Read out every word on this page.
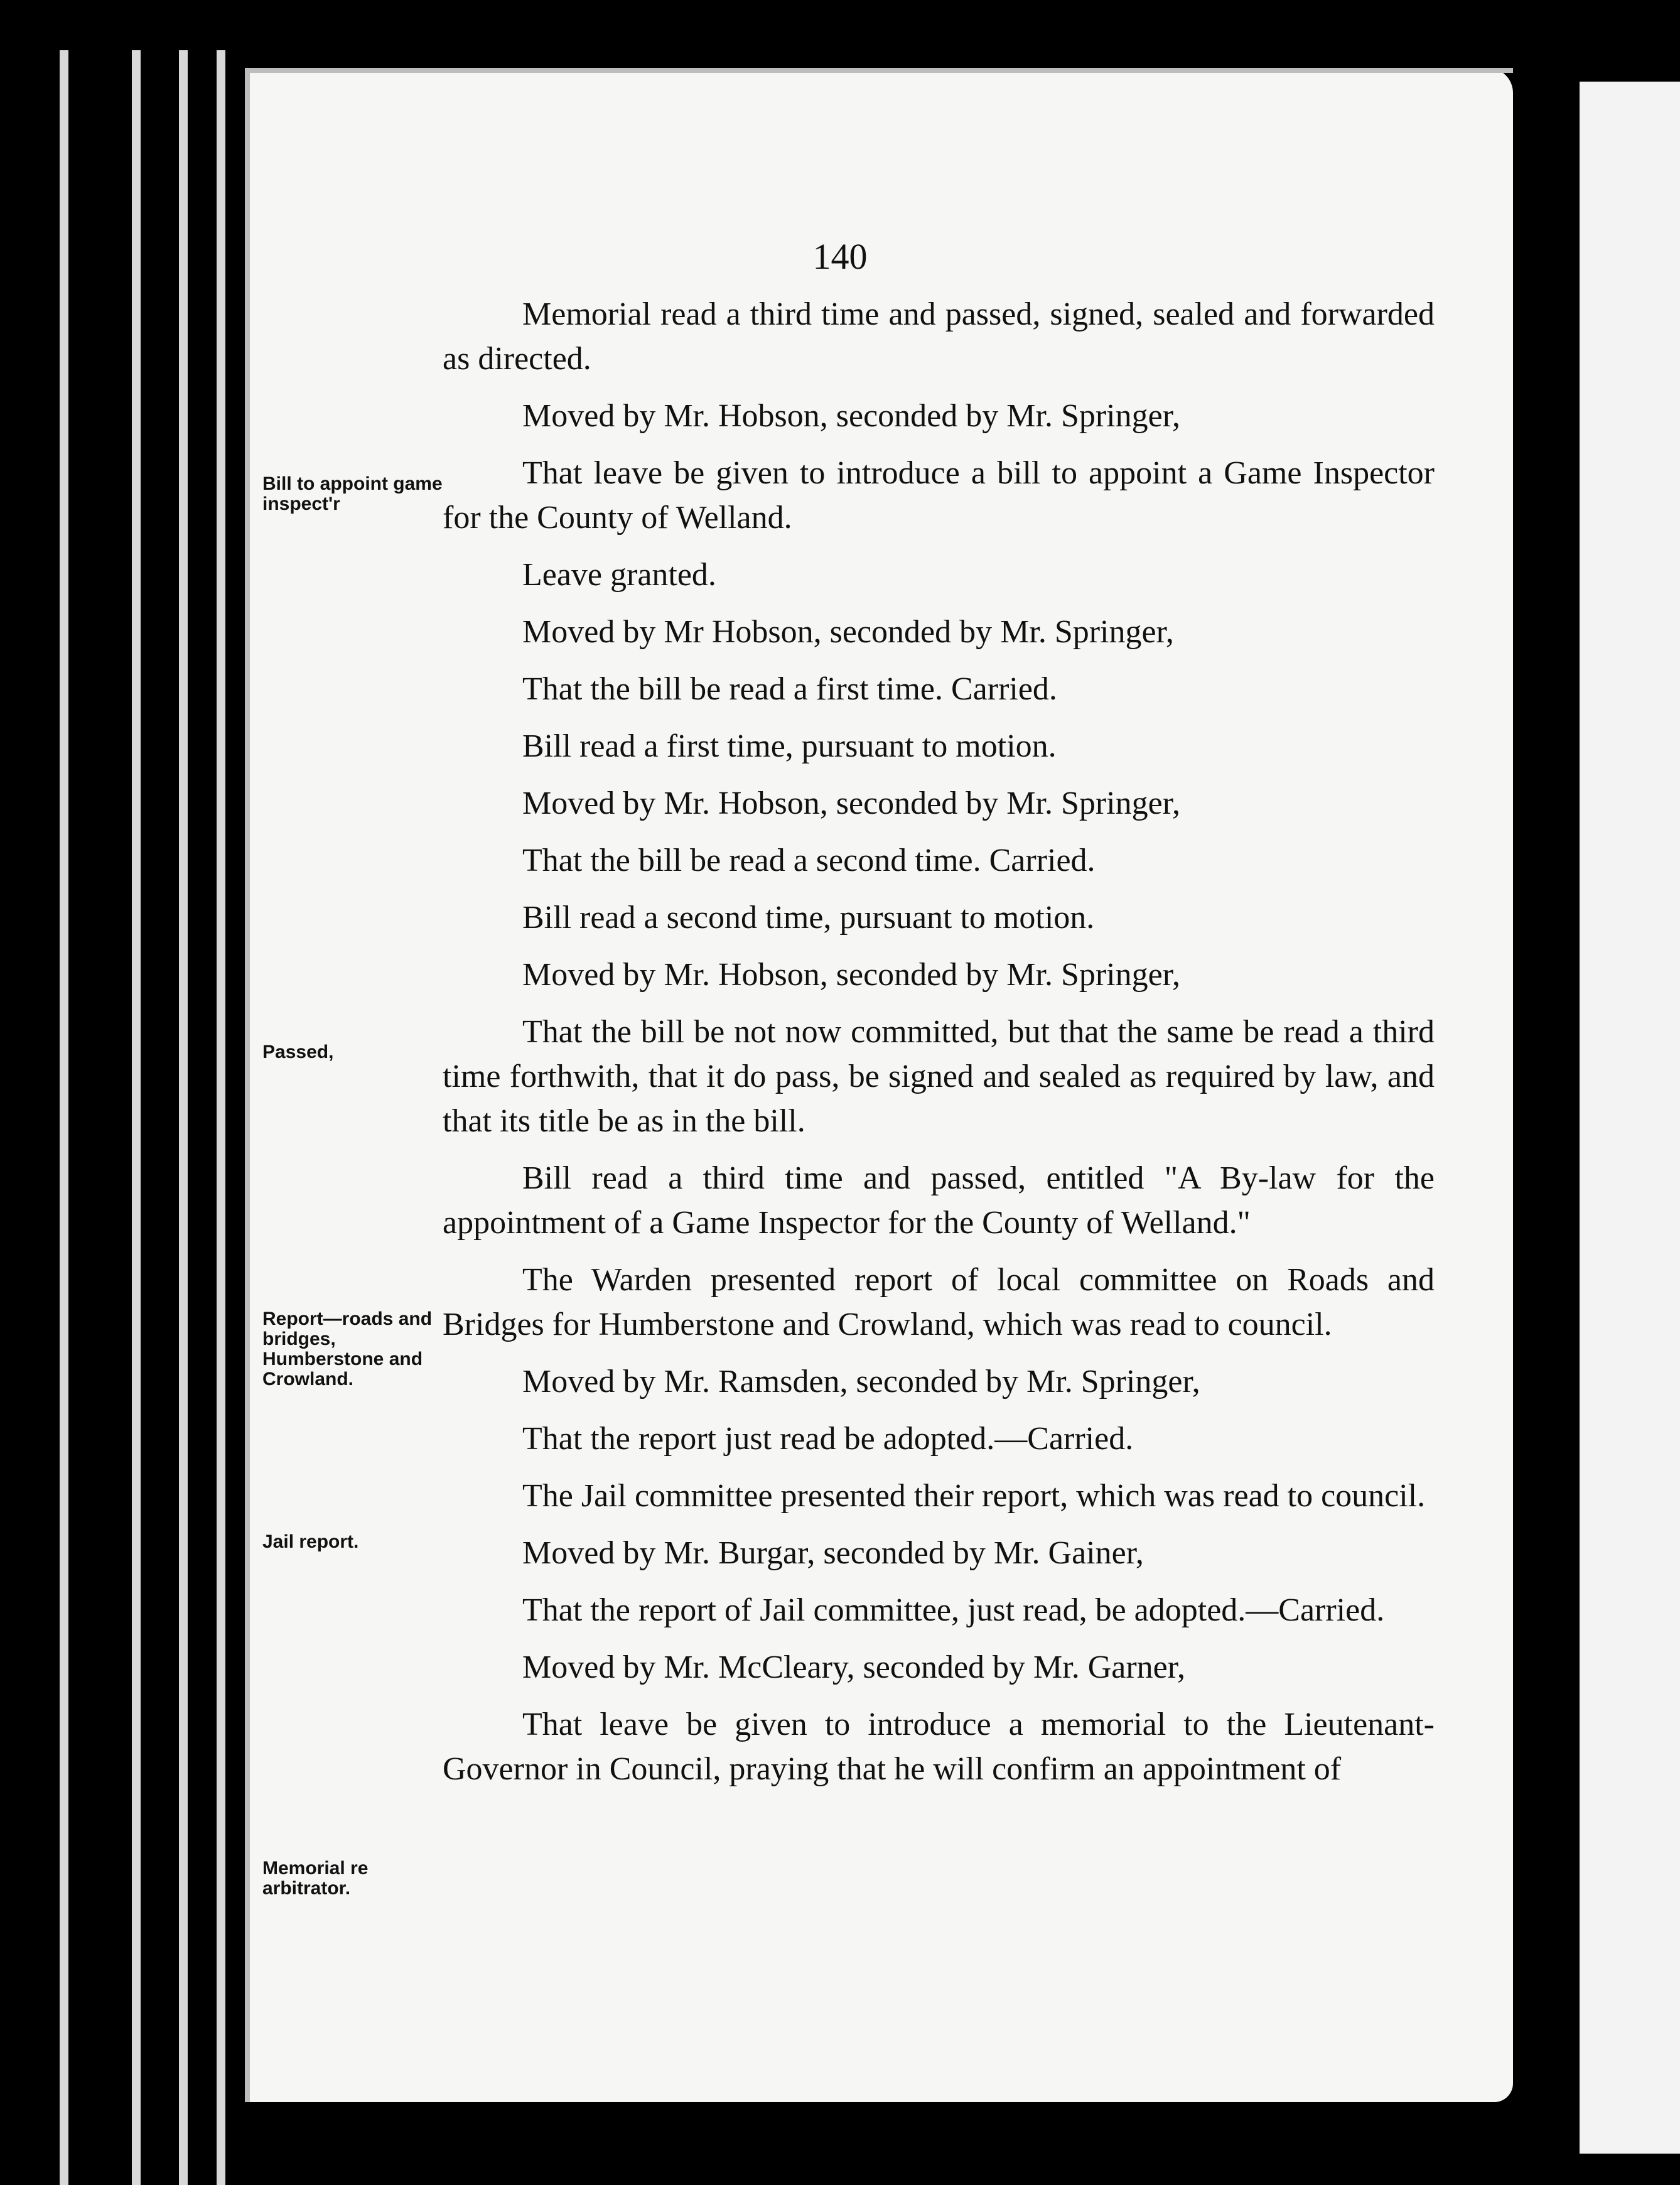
140
Bill to appoint game inspect'r
Passed,
Report—roads and bridges, Humberstone and Crowland.
Jail report.
Memorial re arbitrator.

Memorial read a third time and passed, signed, sealed and forwarded as directed.

Moved by Mr. Hobson, seconded by Mr. Springer,

That leave be given to introduce a bill to appoint a Game Inspector for the County of Welland.

Leave granted.

Moved by Mr Hobson, seconded by Mr. Springer,

That the bill be read a first time. Carried.

Bill read a first time, pursuant to motion.

Moved by Mr. Hobson, seconded by Mr. Springer,

That the bill be read a second time. Carried.

Bill read a second time, pursuant to motion.

Moved by Mr. Hobson, seconded by Mr. Springer,

That the bill be not now committed, but that the same be read a third time forthwith, that it do pass, be signed and sealed as required by law, and that its title be as in the bill.

Bill read a third time and passed, entitled "A By-law for the appointment of a Game Inspector for the County of Welland."

The Warden presented report of local committee on Roads and Bridges for Humberstone and Crowland, which was read to council.

Moved by Mr. Ramsden, seconded by Mr. Springer,

That the report just read be adopted.—Carried.

The Jail committee presented their report, which was read to council.

Moved by Mr. Burgar, seconded by Mr. Gainer,

That the report of Jail committee, just read, be adopted.—Carried.

Moved by Mr. McCleary, seconded by Mr. Garner,

That leave be given to introduce a memorial to the Lieutenant-Governor in Council, praying that he will confirm an appointment of
